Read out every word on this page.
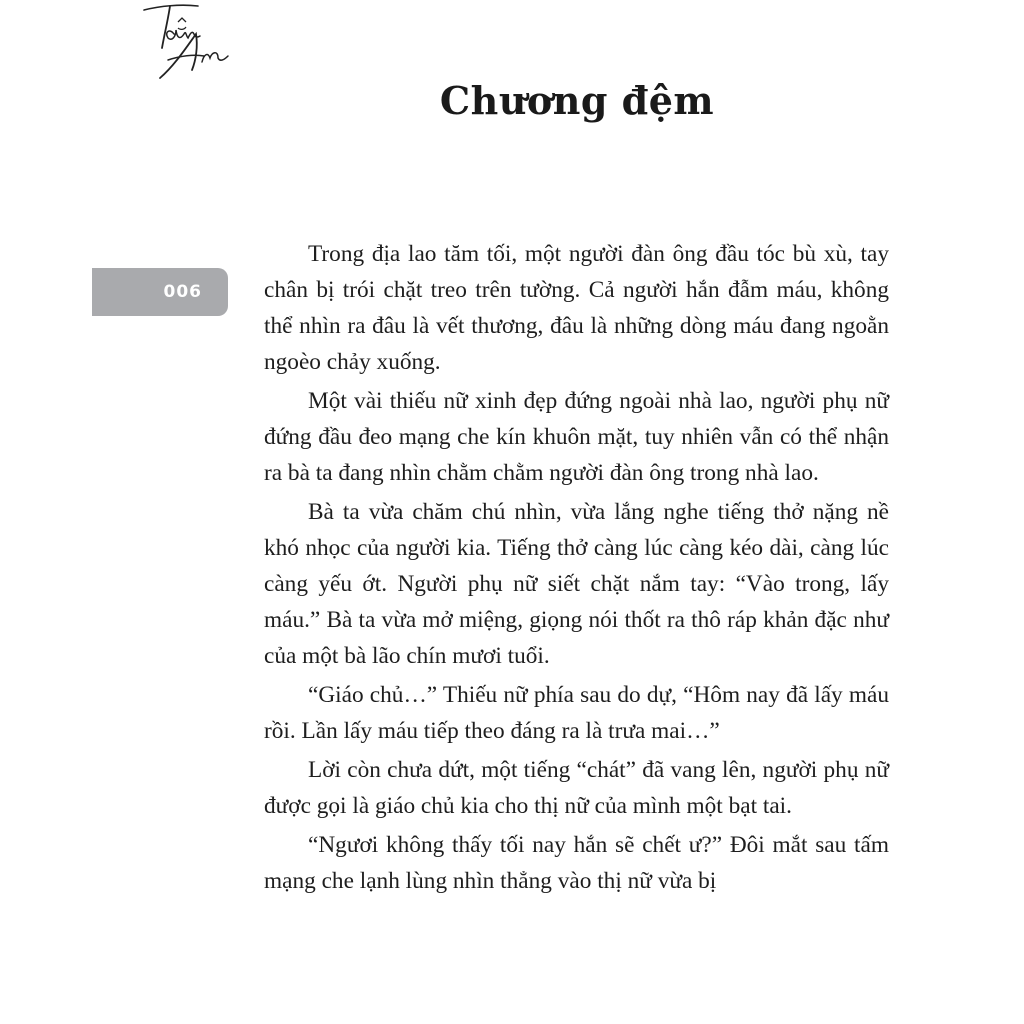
Chương đệm
006

Trong địa lao tăm tối, một người đàn ông đầu tóc bù xù, tay chân bị trói chặt treo trên tường. Cả người hắn đẫm máu, không thể nhìn ra đâu là vết thương, đâu là những dòng máu đang ngoằn ngoèo chảy xuống.

Một vài thiếu nữ xinh đẹp đứng ngoài nhà lao, người phụ nữ đứng đầu đeo mạng che kín khuôn mặt, tuy nhiên vẫn có thể nhận ra bà ta đang nhìn chằm chằm người đàn ông trong nhà lao.

Bà ta vừa chăm chú nhìn, vừa lắng nghe tiếng thở nặng nề khó nhọc của người kia. Tiếng thở càng lúc càng kéo dài, càng lúc càng yếu ớt. Người phụ nữ siết chặt nắm tay: “Vào trong, lấy máu.” Bà ta vừa mở miệng, giọng nói thốt ra thô ráp khản đặc như của một bà lão chín mươi tuổi.

“Giáo chủ…” Thiếu nữ phía sau do dự, “Hôm nay đã lấy máu rồi. Lần lấy máu tiếp theo đáng ra là trưa mai…”

Lời còn chưa dứt, một tiếng “chát” đã vang lên, người phụ nữ được gọi là giáo chủ kia cho thị nữ của mình một bạt tai.

“Ngươi không thấy tối nay hắn sẽ chết ư?” Đôi mắt sau tấm mạng che lạnh lùng nhìn thẳng vào thị nữ vừa bị
